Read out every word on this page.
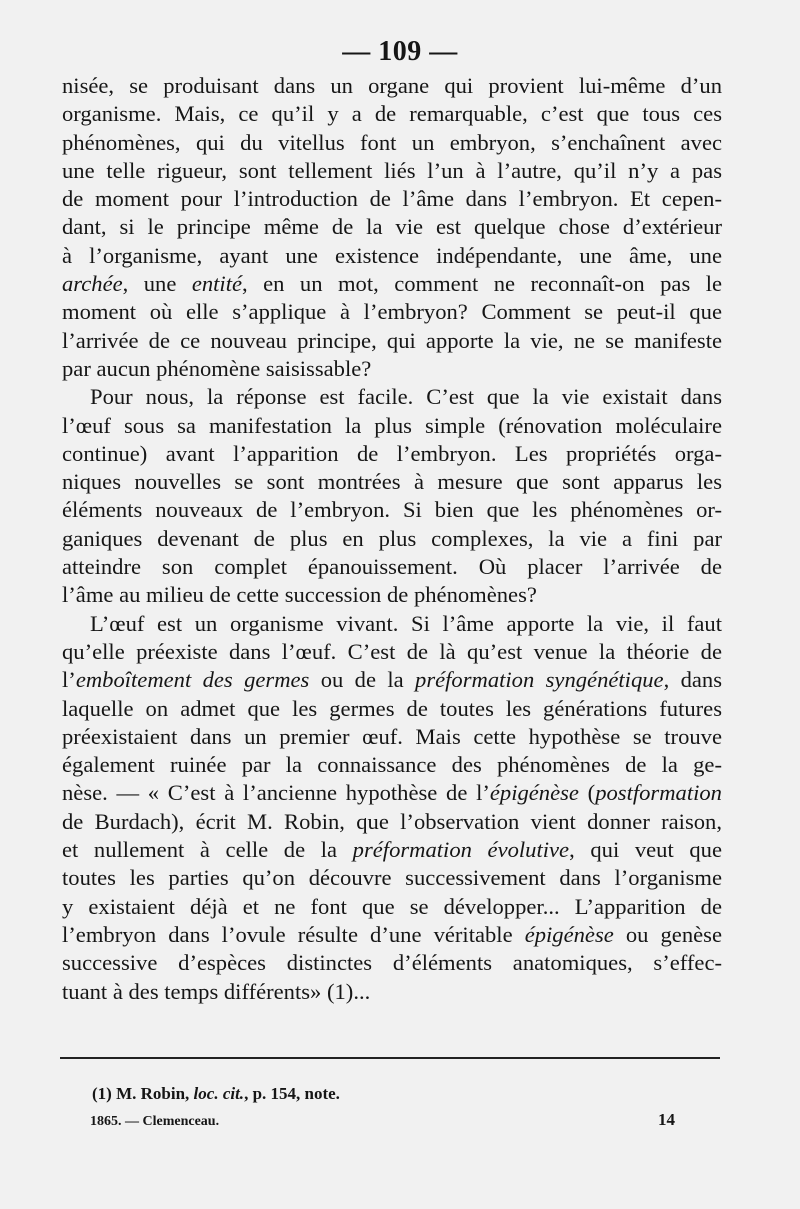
— 109 —
nisée, se produisant dans un organe qui provient lui-même d’un
organisme. Mais, ce qu’il y a de remarquable, c’est que tous ces
phénomènes, qui du vitellus font un embryon, s’enchaînent avec
une telle rigueur, sont tellement liés l’un à l’autre, qu’il n’y a pas
de moment pour l’introduction de l’âme dans l’embryon. Et cepen-
dant, si le principe même de la vie est quelque chose d’extérieur
à l’organisme, ayant une existence indépendante, une âme, une
archée, une entité, en un mot, comment ne reconnaît-on pas le
moment où elle s’applique à l’embryon? Comment se peut-il que
l’arrivée de ce nouveau principe, qui apporte la vie, ne se manifeste
par aucun phénomène saisissable?
Pour nous, la réponse est facile. C’est que la vie existait dans
l’œuf sous sa manifestation la plus simple (rénovation moléculaire
continue) avant l’apparition de l’embryon. Les propriétés orga-
niques nouvelles se sont montrées à mesure que sont apparus les
éléments nouveaux de l’embryon. Si bien que les phénomènes or-
ganiques devenant de plus en plus complexes, la vie a fini par
atteindre son complet épanouissement. Où placer l’arrivée de
l’âme au milieu de cette succession de phénomènes?
L’œuf est un organisme vivant. Si l’âme apporte la vie, il faut
qu’elle préexiste dans l’œuf. C’est de là qu’est venue la théorie de
l’emboîtement des germes ou de la préformation syngénétique, dans
laquelle on admet que les germes de toutes les générations futures
préexistaient dans un premier œuf. Mais cette hypothèse se trouve
également ruinée par la connaissance des phénomènes de la ge-
nèse. — « C’est à l’ancienne hypothèse de l’épigénèse (postformation
de Burdach), écrit M. Robin, que l’observation vient donner raison,
et nullement à celle de la préformation évolutive, qui veut que
toutes les parties qu’on découvre successivement dans l’organisme
y existaient déjà et ne font que se développer... L’apparition de
l’embryon dans l’ovule résulte d’une véritable épigénèse ou genèse
successive d’espèces distinctes d’éléments anatomiques, s’effec-
tuant à des temps différents» (1)...
(1) M. Robin, loc. cit., p. 154, note.
1865. — Clemenceau.	14
